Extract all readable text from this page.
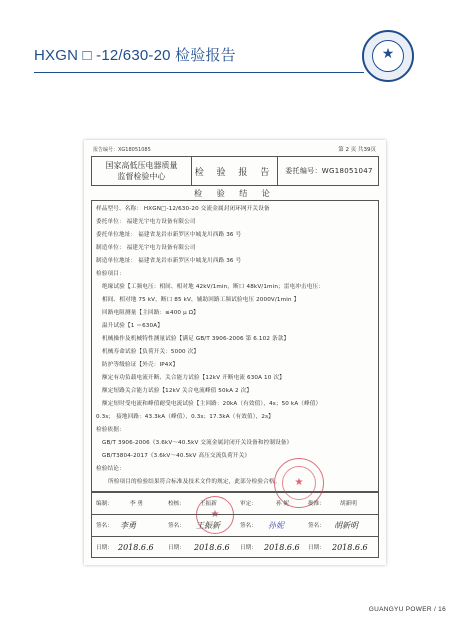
HXGN □ -12/630-20 检验报告	★
报告编号：XG18051085	第 2 页 共39页
国家高低压电器质量
监督检验中心	检 验 报 告	委托编号：WG18051047
检 验 结 论
样品型号、名称： HXGN□-12/630-20 交流金属封闭环网开关设备
委托单位： 福建光宇电力设备有限公司
委托单位地址： 福建省龙岩市新罗区中城龙川西路 36 号
制造单位： 福建光宇电力设备有限公司
制造单位地址： 福建省龙岩市新罗区中城龙川西路 36 号
检验项目：
绝缘试验【工频电压：相间、相对地 42kV/1min，断口 48kV/1min；雷电冲击电压：
相间、相对地 75 kV，断口 85 kV，辅助回路工频试验电压 2000V/1min 】
回路电阻测量【主回路：≤400 μ Ω】
温升试验【1 ＝630A】
机械操作及机械特性测量试验【满足 GB/T 3906-2006 第 6.102 条款】
机械寿命试验【负荷开关：5000 次】
防护等级验证【外壳：IP4X】
额定有功负载电流开断、关合能力试验【12kV 开断电流 630A 10 次】
额定短路关合能力试验【12kV 关合电流峰值 50kA 2 次】
额定短时受电流和峰值耐受电流试验【主回路：20kA（有效值），4s；50 kA（峰值）
0.3s； 接地回路：43.3kA（峰值），0.3s；17.3kA（有效值），2s】
检验依据：
GB/T 3906-2006《3.6kV～40.5kV 交流金属封闭开关设备和控制设备》
GB/T3804-2017《3.6kV～40.5kV 高压交流负荷开关》
检验结论：
所检项目的检验结果符合标准及技术文件的规定，此部分检验合格。	★
★
编制：	李 勇	校核：	王振新	审定：	孙 妮	批准：	胡新明
签名： 李勇	签名：	王振新	签名：	孙妮	签名：	胡新明
日期： 2018.6.6	日期：	2018.6.6	日期： 2018.6.6	日期： 2018.6.6
GUANGYU POWER / 16
